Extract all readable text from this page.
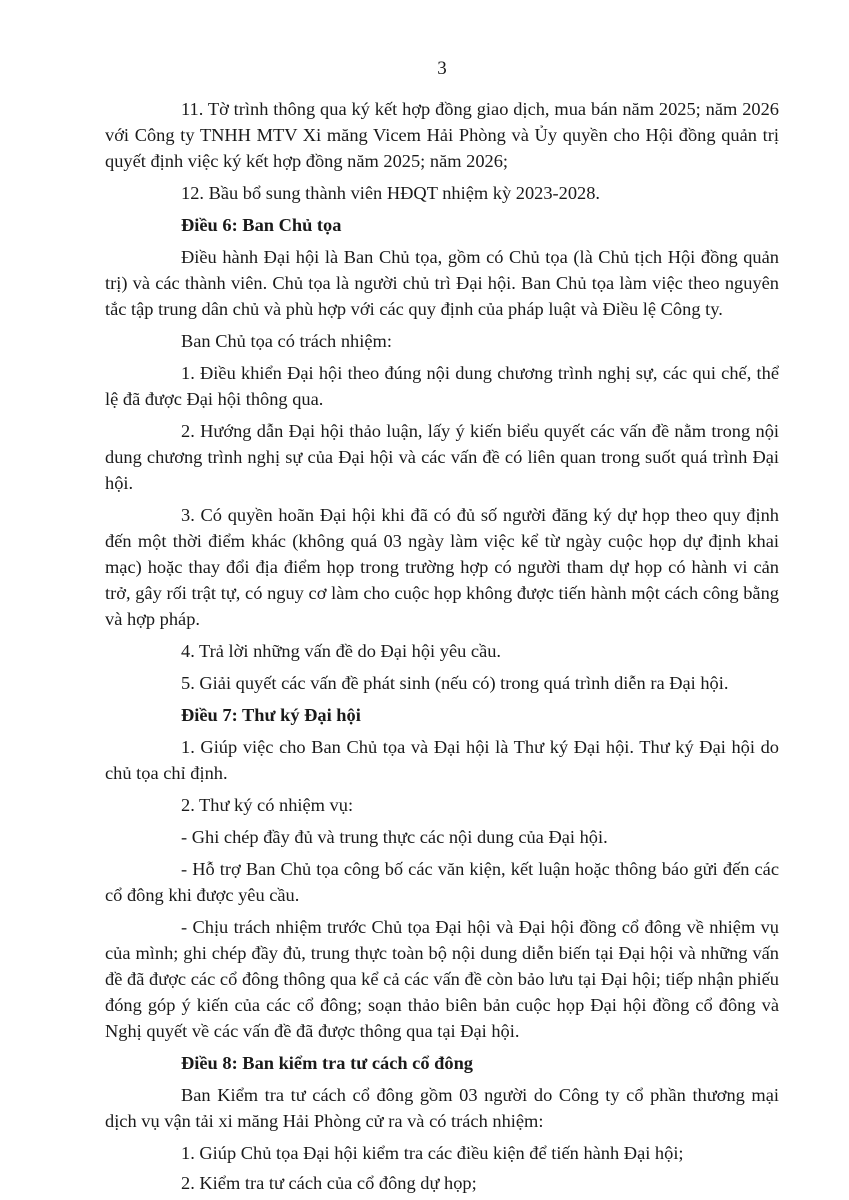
3
11. Tờ trình thông qua ký kết hợp đồng giao dịch, mua bán năm 2025; năm 2026 với Công ty TNHH MTV Xi măng Vicem Hải Phòng và Ủy quyền cho Hội đồng quản trị quyết định việc ký kết hợp đồng năm 2025; năm 2026;
12. Bầu bổ sung thành viên HĐQT nhiệm kỳ 2023-2028.
Điều 6: Ban Chủ tọa
Điều hành Đại hội là Ban Chủ tọa, gồm có Chủ tọa (là Chủ tịch Hội đồng quản trị) và các thành viên. Chủ tọa là người chủ trì Đại hội. Ban Chủ tọa làm việc theo nguyên tắc tập trung dân chủ và phù hợp với các quy định của pháp luật và Điều lệ Công ty.
Ban Chủ tọa có trách nhiệm:
1. Điều khiển Đại hội theo đúng nội dung chương trình nghị sự, các qui chế, thể lệ đã được Đại hội thông qua.
2. Hướng dẫn Đại hội thảo luận, lấy ý kiến biểu quyết các vấn đề nằm trong nội dung chương trình nghị sự của Đại hội và các vấn đề có liên quan trong suốt quá trình Đại hội.
3. Có quyền hoãn Đại hội khi đã có đủ số người đăng ký dự họp theo quy định đến một thời điểm khác (không quá 03 ngày làm việc kể từ ngày cuộc họp dự định khai mạc) hoặc thay đổi địa điểm họp trong trường hợp có người tham dự họp có hành vi cản trở, gây rối trật tự, có nguy cơ làm cho cuộc họp không được tiến hành một cách công bằng và hợp pháp.
4. Trả lời những vấn đề do Đại hội yêu cầu.
5. Giải quyết các vấn đề phát sinh (nếu có) trong quá trình diễn ra Đại hội.
Điều 7: Thư ký Đại hội
1. Giúp việc cho Ban Chủ tọa và Đại hội là Thư ký Đại hội. Thư ký Đại hội do chủ tọa chỉ định.
2. Thư ký có nhiệm vụ:
- Ghi chép đầy đủ và trung thực các nội dung của Đại hội.
- Hỗ trợ Ban Chủ tọa công bố các văn kiện, kết luận hoặc thông báo gửi đến các cổ đông khi được yêu cầu.
- Chịu trách nhiệm trước Chủ tọa Đại hội và Đại hội đồng cổ đông về nhiệm vụ của mình; ghi chép đầy đủ, trung thực toàn bộ nội dung diễn biến tại Đại hội và những vấn đề đã được các cổ đông thông qua kể cả các vấn đề còn bảo lưu tại Đại hội; tiếp nhận phiếu đóng góp ý kiến của các cổ đông; soạn thảo biên bản cuộc họp Đại hội đồng cổ đông và Nghị quyết về các vấn đề đã được thông qua tại Đại hội.
Điều 8: Ban kiểm tra tư cách cổ đông
Ban Kiểm tra tư cách cổ đông gồm 03 người do Công ty cổ phần thương mại dịch vụ vận tải xi măng Hải Phòng cử ra và có trách nhiệm:
1. Giúp Chủ tọa Đại hội kiểm tra các điều kiện để tiến hành Đại hội;
2. Kiểm tra tư cách của cổ đông dự họp;
